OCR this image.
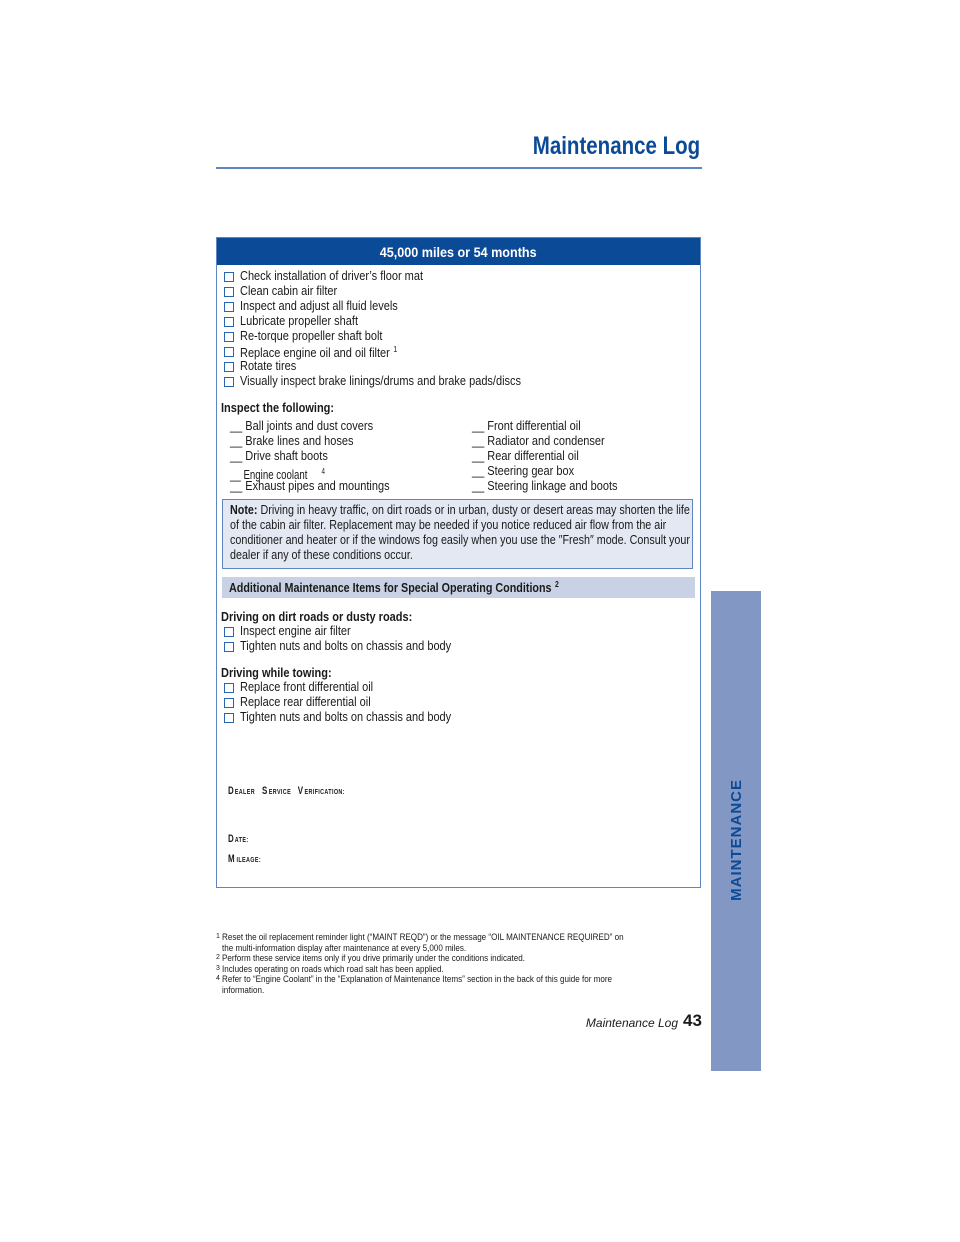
Maintenance Log
45,000 miles or 54 months
Check installation of driver’s floor mat
Clean cabin air filter
Inspect and adjust all fluid levels
Lubricate propeller shaft
Re-torque propeller shaft bolt
Replace engine oil and oil filter $^1$
Rotate tires
Visually inspect brake linings/drums and brake pads/discs
Inspect the following:
__ Ball joints and dust covers
__ Brake lines and hoses
__ Drive shaft boots
__ Engine coolant 4
__ Exhaust pipes and mountings
__ Front differential oil
__ Radiator and condenser
__ Rear differential oil
__ Steering gear box
__ Steering linkage and boots
Note: Driving in heavy traffic, on dirt roads or in urban, dusty or desert areas may shorten the life of the cabin air filter. Replacement may be needed if you notice reduced air flow from the air conditioner and heater or if the windows fog easily when you use the ″Fresh″ mode. Consult your dealer if any of these conditions occur.
Additional Maintenance Items for Special Operating Conditions $^2$
Driving on dirt roads or dusty roads:
Inspect engine air filter
Tighten nuts and bolts on chassis and body
Driving while towing:
Replace front differential oil
Replace rear differential oil
Tighten nuts and bolts on chassis and body
DEALER SERVICE VERIFICATION:
DATE:
MILEAGE:
1 Reset the oil replacement reminder light (“MAINT REQD”) or the message “OIL MAINTENANCE REQUIRED” on the multi-information display after maintenance at every 5,000 miles.
2 Perform these service items only if you drive primarily under the conditions indicated.
3 Includes operating on roads which road salt has been applied.
4 Refer to “Engine Coolant” in the “Explanation of Maintenance Items” section in the back of this guide for more information.
Maintenance Log 43
MAINTENANCE
